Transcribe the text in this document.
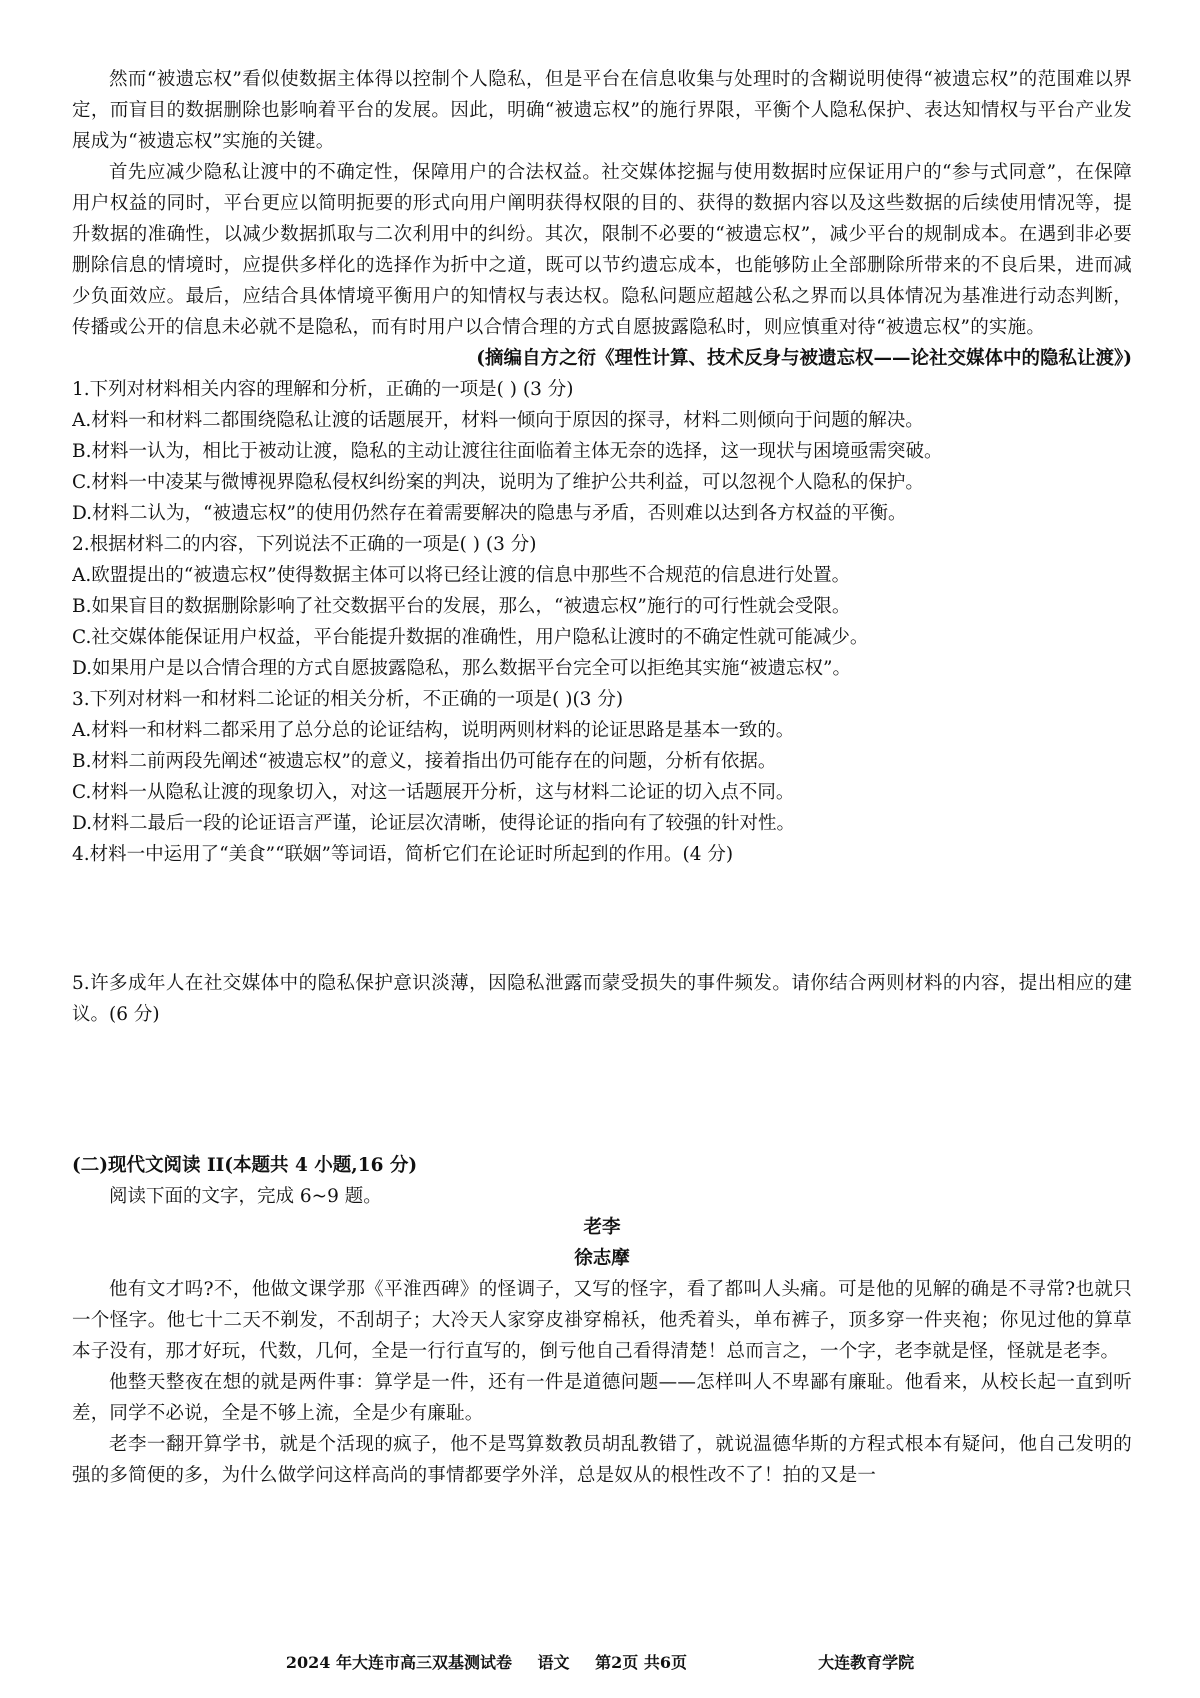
然而“被遗忘权”看似使数据主体得以控制个人隐私，但是平台在信息收集与处理时的含糊说明使得“被遗忘权”的范围难以界定，而盲目的数据删除也影响着平台的发展。因此，明确“被遗忘权”的施行界限，平衡个人隐私保护、表达知情权与平台产业发展成为“被遗忘权”实施的关键。

首先应减少隐私让渡中的不确定性，保障用户的合法权益。社交媒体挖掘与使用数据时应保证用户的“参与式同意”，在保障用户权益的同时，平台更应以简明扼要的形式向用户阐明获得权限的目的、获得的数据内容以及这些数据的后续使用情况等，提升数据的准确性，以减少数据抓取与二次利用中的纠纷。其次，限制不必要的“被遗忘权”，减少平台的规制成本。在遇到非必要删除信息的情境时，应提供多样化的选择作为折中之道，既可以节约遗忘成本，也能够防止全部删除所带来的不良后果，进而减少负面效应。最后，应结合具体情境平衡用户的知情权与表达权。隐私问题应超越公私之界而以具体情况为基准进行动态判断，传播或公开的信息未必就不是隐私，而有时用户以合情合理的方式自愿披露隐私时，则应慎重对待“被遗忘权”的实施。

(摘编自方之衍《理性计算、技术反身与被遗忘权——论社交媒体中的隐私让渡》)

1.下列对材料相关内容的理解和分析，正确的一项是( ) (3 分)

A.材料一和材料二都围绕隐私让渡的话题展开，材料一倾向于原因的探寻，材料二则倾向于问题的解决。

B.材料一认为，相比于被动让渡，隐私的主动让渡往往面临着主体无奈的选择，这一现状与困境亟需突破。

C.材料一中凌某与微博视界隐私侵权纠纷案的判决，说明为了维护公共利益，可以忽视个人隐私的保护。

D.材料二认为，“被遗忘权”的使用仍然存在着需要解决的隐患与矛盾，否则难以达到各方权益的平衡。

2.根据材料二的内容，下列说法不正确的一项是( ) (3 分)

A.欧盟提出的“被遗忘权”使得数据主体可以将已经让渡的信息中那些不合规范的信息进行处置。

B.如果盲目的数据删除影响了社交数据平台的发展，那么，“被遗忘权”施行的可行性就会受限。

C.社交媒体能保证用户权益，平台能提升数据的准确性，用户隐私让渡时的不确定性就可能减少。

D.如果用户是以合情合理的方式自愿披露隐私，那么数据平台完全可以拒绝其实施“被遗忘权”。

3.下列对材料一和材料二论证的相关分析，不正确的一项是( )(3 分)

A.材料一和材料二都采用了总分总的论证结构，说明两则材料的论证思路是基本一致的。

B.材料二前两段先阐述“被遗忘权”的意义，接着指出仍可能存在的问题，分析有依据。

C.材料一从隐私让渡的现象切入，对这一话题展开分析，这与材料二论证的切入点不同。

D.材料二最后一段的论证语言严谨，论证层次清晰，使得论证的指向有了较强的针对性。

4.材料一中运用了“美食”“联姻”等词语，简析它们在论证时所起到的作用。(4 分)

5.许多成年人在社交媒体中的隐私保护意识淡薄，因隐私泄露而蒙受损失的事件频发。请你结合两则材料的内容，提出相应的建议。(6 分)

(二)现代文阅读 II(本题共 4 小题,16 分)

阅读下面的文字，完成 6~9 题。

老李

徐志摩

他有文才吗?不，他做文课学那《平淮西碑》的怪调子，又写的怪字，看了都叫人头痛。可是他的见解的确是不寻常?也就只一个怪字。他七十二天不剃发，不刮胡子；大冷天人家穿皮褂穿棉袄，他秃着头，单布裤子，顶多穿一件夹袍；你见过他的算草本子没有，那才好玩，代数，几何，全是一行行直写的，倒亏他自己看得清楚！总而言之，一个字，老李就是怪，怪就是老李。

他整天整夜在想的就是两件事：算学是一件，还有一件是道德问题——怎样叫人不卑鄙有廉耻。他看来，从校长起一直到听差，同学不必说，全是不够上流，全是少有廉耻。

老李一翻开算学书，就是个活现的疯子，他不是骂算数教员胡乱教错了，就说温德华斯的方程式根本有疑问，他自己发明的强的多简便的多，为什么做学问这样高尚的事情都要学外洋，总是奴从的根性改不了！拍的又是一

2024 年大连市高三双基测试卷 语文 第2页 共6页	大连教育学院
